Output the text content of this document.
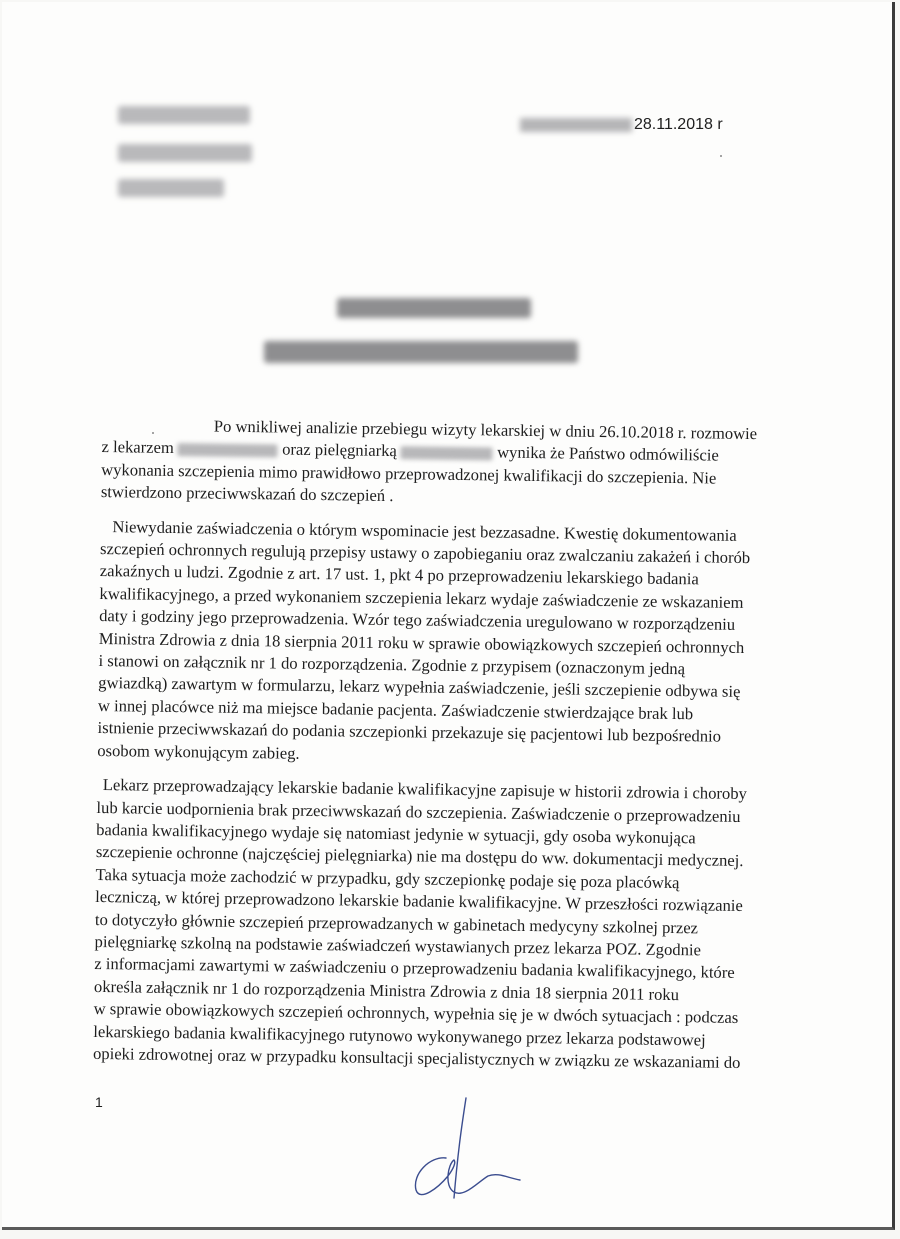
28.11.2018 r
Po wnikliwej analizie przebiegu wizyty lekarskiej w dniu 26.10.2018 r. rozmowie
z lekarzem	oraz pielęgniarką	wynika że Państwo odmówiliście
wykonania szczepienia mimo prawidłowo przeprowadzonej kwalifikacji do szczepienia. Nie
stwierdzono przeciwwskazań do szczepień .
Niewydanie zaświadczenia o którym wspominacie jest bezzasadne. Kwestię dokumentowania
szczepień ochronnych regulują przepisy ustawy o zapobieganiu oraz zwalczaniu zakażeń i chorób
zakaźnych u ludzi. Zgodnie z art. 17 ust. 1, pkt 4 po przeprowadzeniu lekarskiego badania
kwalifikacyjnego, a przed wykonaniem szczepienia lekarz wydaje zaświadczenie ze wskazaniem
daty i godziny jego przeprowadzenia. Wzór tego zaświadczenia uregulowano w rozporządzeniu
Ministra Zdrowia z dnia 18 sierpnia 2011 roku w sprawie obowiązkowych szczepień ochronnych
i stanowi on załącznik nr 1 do rozporządzenia. Zgodnie z przypisem (oznaczonym jedną
gwiazdką) zawartym w formularzu, lekarz wypełnia zaświadczenie, jeśli szczepienie odbywa się
w innej placówce niż ma miejsce badanie pacjenta. Zaświadczenie stwierdzające brak lub
istnienie przeciwwskazań do podania szczepionki przekazuje się pacjentowi lub bezpośrednio
osobom wykonującym zabieg.
Lekarz przeprowadzający lekarskie badanie kwalifikacyjne zapisuje w historii zdrowia i choroby
lub karcie uodpornienia brak przeciwwskazań do szczepienia. Zaświadczenie o przeprowadzeniu
badania kwalifikacyjnego wydaje się natomiast jedynie w sytuacji, gdy osoba wykonująca
szczepienie ochronne (najczęściej pielęgniarka) nie ma dostępu do ww. dokumentacji medycznej.
Taka sytuacja może zachodzić w przypadku, gdy szczepionkę podaje się poza placówką
leczniczą, w której przeprowadzono lekarskie badanie kwalifikacyjne. W przeszłości rozwiązanie
to dotyczyło głównie szczepień przeprowadzanych w gabinetach medycyny szkolnej przez
pielęgniarkę szkolną na podstawie zaświadczeń wystawianych przez lekarza POZ. Zgodnie
z informacjami zawartymi w zaświadczeniu o przeprowadzeniu badania kwalifikacyjnego, które
określa załącznik nr 1 do rozporządzenia Ministra Zdrowia z dnia 18 sierpnia 2011 roku
w sprawie obowiązkowych szczepień ochronnych, wypełnia się je w dwóch sytuacjach : podczas
lekarskiego badania kwalifikacyjnego rutynowo wykonywanego przez lekarza podstawowej
opieki zdrowotnej oraz w przypadku konsultacji specjalistycznych w związku ze wskazaniami do
1
